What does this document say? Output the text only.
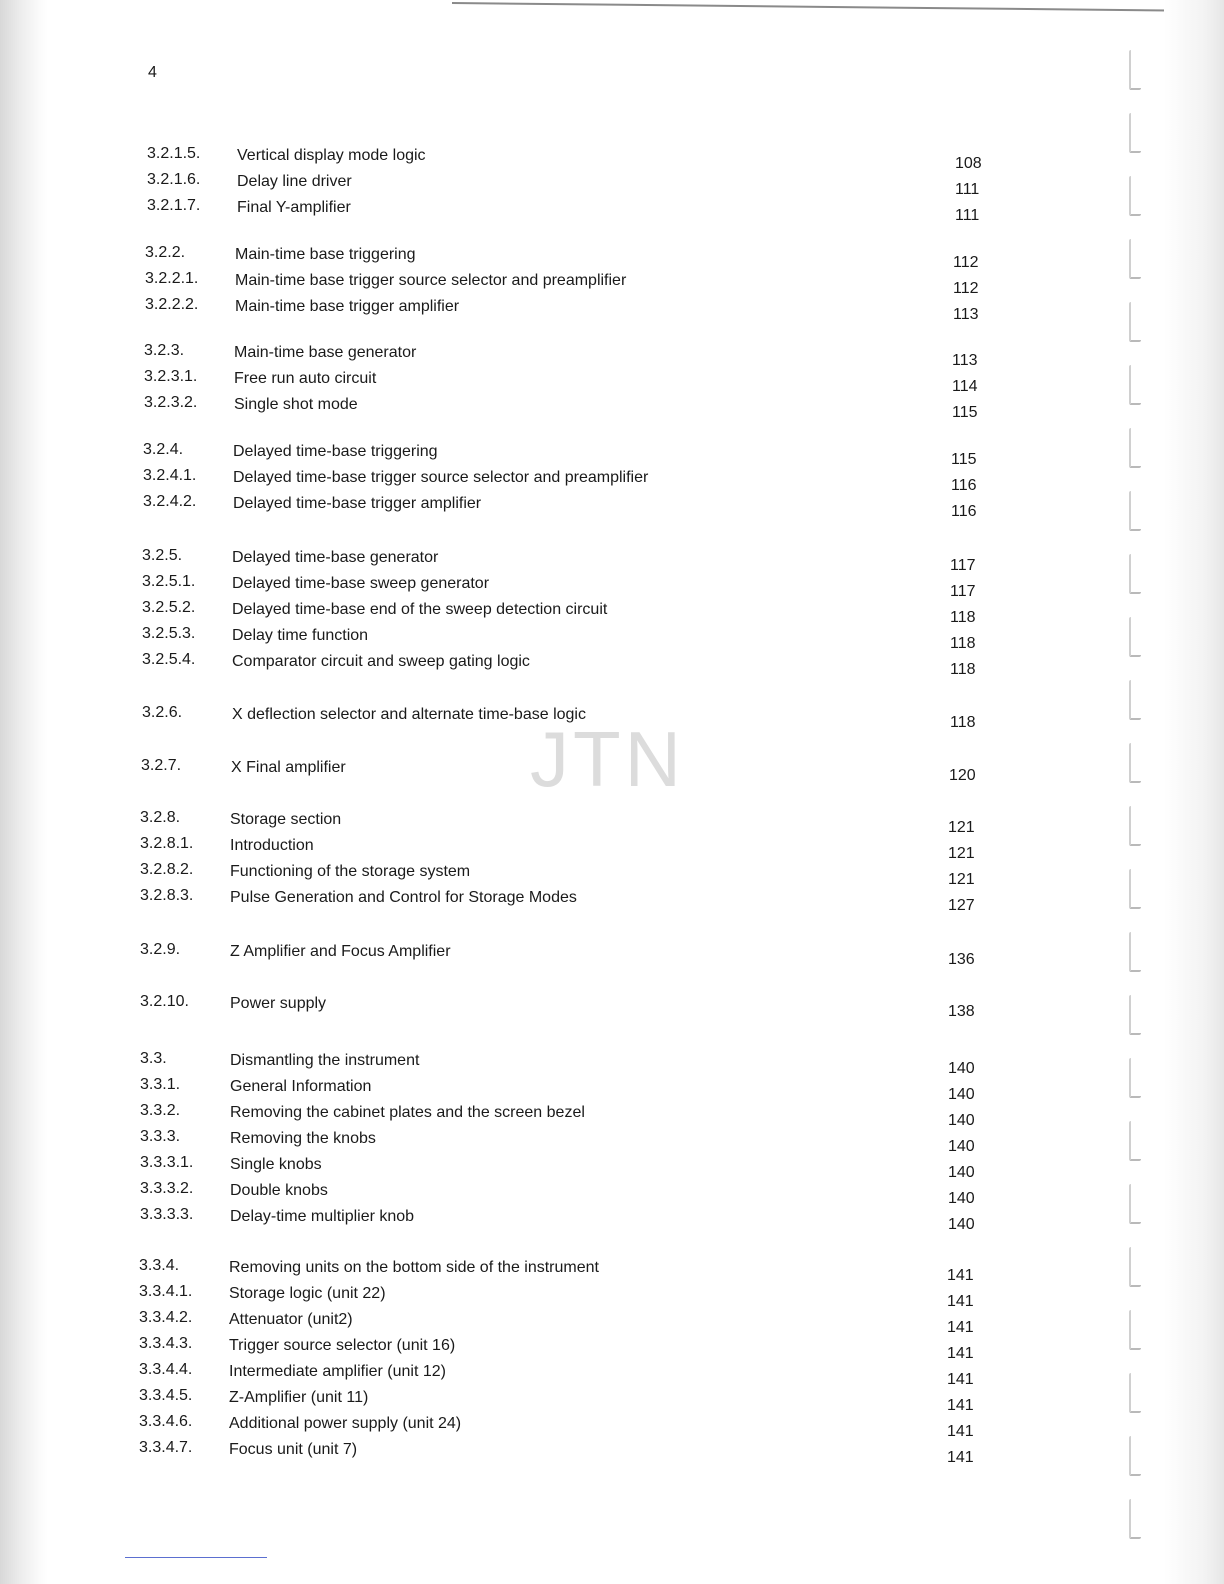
4
JTN
3.2.1.5. Vertical display mode logic	108
3.2.1.6. Delay line driver	111
3.2.1.7. Final Y-amplifier	111
3.2.2.	Main-time base triggering	112
3.2.2.1. Main-time base trigger source selector and preamplifier	112
3.2.2.2. Main-time base trigger amplifier	113
3.2.3.	Main-time base generator	113
3.2.3.1. Free run auto circuit	114
3.2.3.2. Single shot mode	115
3.2.4.	Delayed time-base triggering	115
3.2.4.1. Delayed time-base trigger source selector and preamplifier	116
3.2.4.2. Delayed time-base trigger amplifier	116
3.2.5.	Delayed time-base generator	117
3.2.5.1. Delayed time-base sweep generator	117
3.2.5.2. Delayed time-base end of the sweep detection circuit	118
3.2.5.3. Delay time function	118
3.2.5.4. Comparator circuit and sweep gating logic	118
3.2.6.	X deflection selector and alternate time-base logic	118
3.2.7.	X Final amplifier	120
3.2.8.	Storage section	121
3.2.8.1. Introduction	121
3.2.8.2. Functioning of the storage system	121
3.2.8.3. Pulse Generation and Control for Storage Modes	127
3.2.9.	Z Amplifier and Focus Amplifier	136
3.2.10.	Power supply	138
3.3.	Dismantling the instrument	140
3.3.1.	General Information	140
3.3.2.	Removing the cabinet plates and the screen bezel	140
3.3.3.	Removing the knobs	140
3.3.3.1. Single knobs	140
3.3.3.2. Double knobs	140
3.3.3.3. Delay-time multiplier knob	140
3.3.4.	Removing units on the bottom side of the instrument	141
3.3.4.1. Storage logic (unit 22)	141
3.3.4.2. Attenuator (unit2)	141
3.3.4.3. Trigger source selector (unit 16)	141
3.3.4.4. Intermediate amplifier (unit 12)	141
3.3.4.5. Z-Amplifier (unit 11)	141
3.3.4.6. Additional power supply (unit 24)	141
3.3.4.7. Focus unit (unit 7)	141
